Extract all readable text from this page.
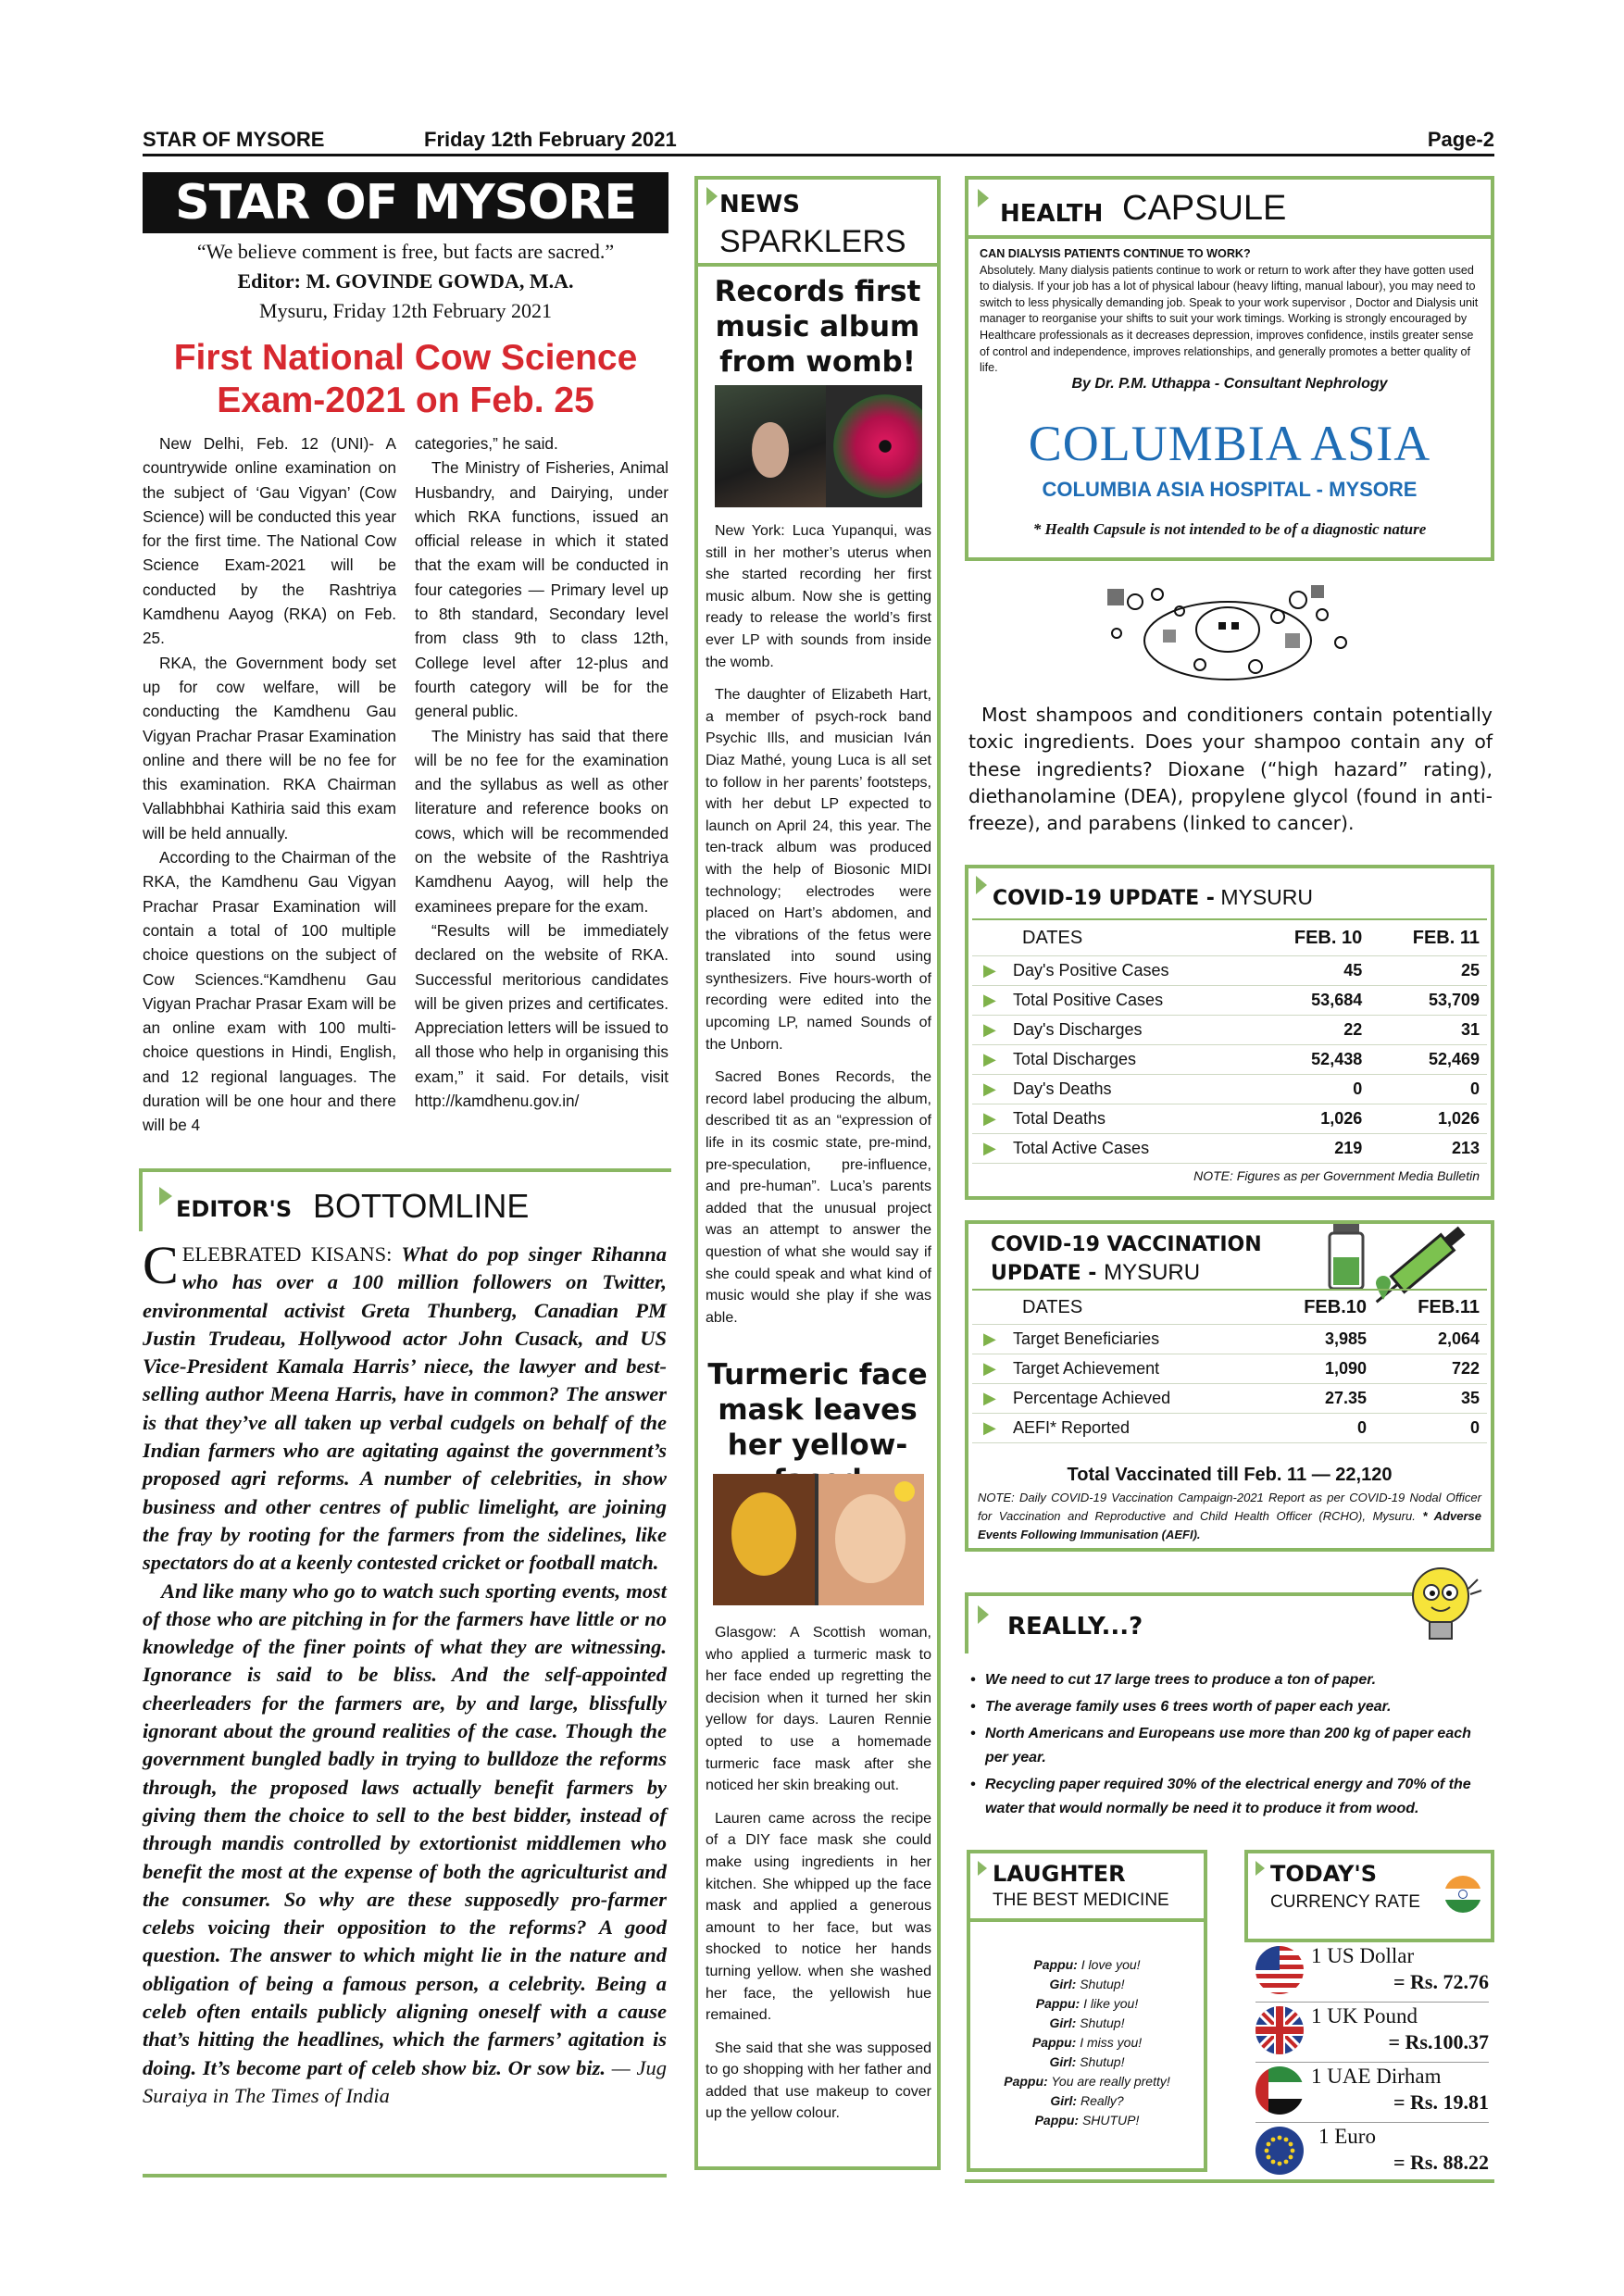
STAR OF MYSORE	Friday 12th February 2021	Page-2
STAR OF MYSORE
“We believe comment is free, but facts are sacred.”
Editor: M. GOVINDE GOWDA, M.A.
Mysuru, Friday 12th February 2021
First National Cow Science
Exam-2021 on Feb. 25

New Delhi, Feb. 12 (UNI)- A countrywide online examination on the subject of ‘Gau Vigyan’ (Cow Science) will be conducted this year for the first time. The National Cow Science Exam-2021 will be conducted by the Rashtriya Kamdhenu Aayog (RKA) on Feb. 25.

RKA, the Government body set up for cow welfare, will be conducting the Kamdhenu Gau Vigyan Prachar Prasar Examination online and there will be no fee for this examination. RKA Chairman Vallabhbhai Kathiria said this exam will be held annually.

According to the Chairman of the RKA, the Kamdhenu Gau Vigyan Prachar Prasar Examination will contain a total of 100 multiple choice questions on the subject of Cow Sciences.“Kamdhenu Gau Vigyan Prachar Prasar Exam will be an online exam with 100 multi-choice questions in Hindi, English, and 12 regional languages. The duration will be one hour and there will be 4

categories,” he said.

The Ministry of Fisheries, Animal Husbandry, and Dairying, under which RKA functions, issued an official release in which it stated that the exam will be conducted in four categories — Primary level up to 8th standard, Secondary level from class 9th to class 12th, College level after 12-plus and fourth category will be for the general public.

The Ministry has said that there will be no fee for the examination and the syllabus as well as other literature and reference books on cows, which will be recommended on the website of the Rashtriya Kamdhenu Aayog, will help the examinees prepare for the exam.

“Results will be immediately declared on the website of RKA. Successful meritorious candidates will be given prizes and certificates. Appreciation letters will be issued to all those who help in organising this exam,” it said. For details, visit http://kamdhenu.gov.in/

EDITOR'S BOTTOMLINE

CELEBRATED KISANS: What do pop singer Rihanna who has over a 100 million followers on Twitter, environmental activist Greta Thunberg, Canadian PM Justin Trudeau, Hollywood actor John Cusack, and US Vice-President Kamala Harris’ niece, the lawyer and best-selling author Meena Harris, have in common? The answer is that they’ve all taken up verbal cudgels on behalf of the Indian farmers who are agitating against the government’s proposed agri reforms. A number of celebrities, in show business and other centres of public limelight, are joining the fray by rooting for the farmers from the sidelines, like spectators do at a keenly contested cricket or football match.

And like many who go to watch such sporting events, most of those who are pitching in for the farmers have little or no knowledge of the finer points of what they are witnessing. Ignorance is said to be bliss. And the self-appointed cheerleaders for the farmers are, by and large, blissfully ignorant about the ground realities of the case. Though the government bungled badly in trying to bulldoze the reforms through, the proposed laws actually benefit farmers by giving them the choice to sell to the best bidder, instead of through mandis controlled by extortionist middlemen who benefit the most at the expense of both the agriculturist and the consumer. So why are these supposedly pro-farmer celebs voicing their opposition to the reforms? A good question. The answer to which might lie in the nature and obligation of being a famous person, a celebrity. Being a celeb often entails publicly aligning oneself with a cause that’s hitting the headlines, which the farmers’ agitation is doing. It’s become part of celeb show biz. Or sow biz. — Jug Suraiya in The Times of India

NEWS
SPARKLERS
Records first music album from womb!

New York: Luca Yupanqui, was still in her mother’s uterus when she started recording her first music album. Now she is getting ready to release the world’s first ever LP with sounds from inside the womb.

The daughter of Elizabeth Hart, a member of psych-rock band Psychic Ills, and musician Iván Diaz Mathé, young Luca is all set to follow in her parents’ footsteps, with her debut LP expected to launch on April 24, this year. The ten-track album was produced with the help of Biosonic MIDI technology; electrodes were placed on Hart’s abdomen, and the vibrations of the fetus were translated into sound using synthesizers. Five hours-worth of recording were edited into the upcoming LP, named Sounds of the Unborn.

Sacred Bones Records, the record label producing the album, described tit as an “expression of life in its cosmic state, pre-mind, pre-speculation, pre-influence, and pre-human”. Luca’s parents added that the unusual project was an attempt to answer the question of what she would say if she could speak and what kind of music would she play if she was able.

Turmeric face mask leaves her yellow-

Glasgow: A Scottish woman, who applied a turmeric mask to her face ended up regretting the decision when it turned her skin yellow for days. Lauren Rennie opted to use a homemade turmeric face mask after she noticed her skin breaking out.

Lauren came across the recipe of a DIY face mask she could make using ingredients in her kitchen. She whipped up the face mask and applied a generous amount to her face, but was shocked to notice her hands turning yellow. when she washed her face, the yellowish hue remained.

She said that she was supposed to go shopping with her father and added that use makeup to cover up the yellow colour.

HEALTH CAPSULE
CAN DIALYSIS PATIENTS CONTINUE TO WORK?
Absolutely. Many dialysis patients continue to work or return to work after they have gotten used to dialysis. If your job has a lot of physical labour (heavy lifting, manual labour), you may need to switch to less physically demanding job. Speak to your work supervisor , Doctor and Dialysis unit manager to reorganise your shifts to suit your work timings. Working is strongly encouraged by Healthcare professionals as it decreases depression, improves confidence, instils greater sense of control and independence, improves relationships, and generally promotes a better quality of life.
By Dr. P.M. Uthappa - Consultant Nephrology
COLUMBIA ASIA
COLUMBIA ASIA HOSPITAL - MYSORE
* Health Capsule is not intended to be of a diagnostic nature
Most shampoos and conditioners contain potentially toxic ingredients. Does your shampoo contain any of these ingredients? Dioxane (“high hazard” rating), diethanolamine (DEA), propylene glycol (found in anti-freeze), and parabens (linked to cancer).
COVID-19 UPDATE - MYSURU
DATES		FEB. 10	FEB. 11
▶	Day's Positive Cases	45	25
▶	Total Positive Cases	53,684	53,709
▶	Day's Discharges	22	31
▶	Total Discharges	52,438	52,469
▶	Day's Deaths	0	0
▶	Total Deaths	1,026	1,026
▶	Total Active Cases	219	213
NOTE: Figures as per Government Media Bulletin
COVID-19 VACCINATION
UPDATE - MYSURU
DATES		FEB.10	FEB.11
▶	Target Beneficiaries	3,985	2,064
▶	Target Achievement	1,090	722
▶	Percentage Achieved	27.35	35
▶	AEFI* Reported	0	0
Total Vaccinated till Feb. 11 — 22,120
NOTE: Daily COVID-19 Vaccination Campaign-2021 Report as per COVID-19 Nodal Officer for Vaccination and Reproductive and Child Health Officer (RCHO), Mysuru. * Adverse Events Following Immunisation (AEFI).
REALLY...?
• We need to cut 17 large trees to produce a ton of paper.
• The average family uses 6 trees worth of paper each year.
• North Americans and Europeans use more than 200 kg of paper each per year.
• Recycling paper required 30% of the electrical energy and 70% of the water that would normally be need it to produce it from wood.
LAUGHTER
THE BEST MEDICINE
Pappu: I love you!
Girl: Shutup!
Pappu: I like you!
Girl: Shutup!
Pappu: I miss you!
Girl: Shutup!
Pappu: You are really pretty!
Girl: Really?
Pappu: SHUTUP!
TODAY'S
CURRENCY RATE
1 US Dollar
= Rs. 72.76
1 UK Pound
= Rs.100.37
1 UAE Dirham
= Rs. 19.81
1 Euro
= Rs. 88.22
